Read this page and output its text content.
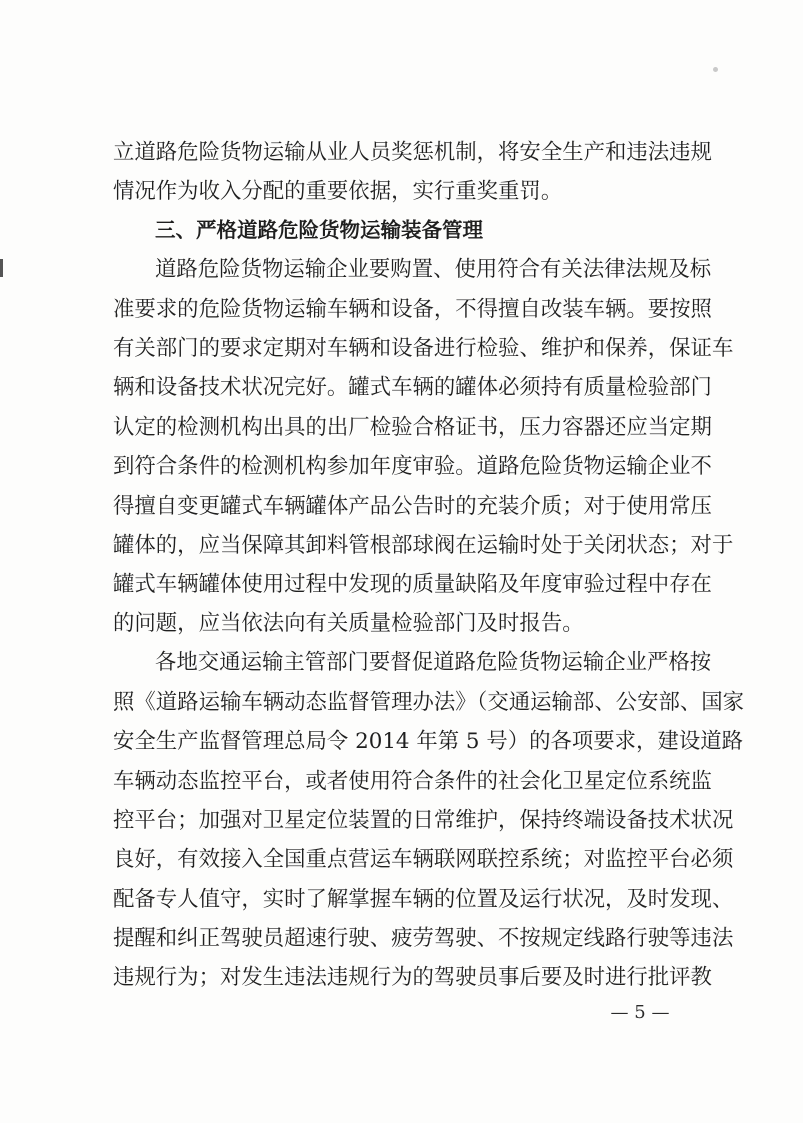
立道路危险货物运输从业人员奖惩机制，将安全生产和违法违规
情况作为收入分配的重要依据，实行重奖重罚。
三、严格道路危险货物运输装备管理
道路危险货物运输企业要购置、使用符合有关法律法规及标
准要求的危险货物运输车辆和设备，不得擅自改装车辆。要按照
有关部门的要求定期对车辆和设备进行检验、维护和保养，保证车
辆和设备技术状况完好。罐式车辆的罐体必须持有质量检验部门
认定的检测机构出具的出厂检验合格证书，压力容器还应当定期
到符合条件的检测机构参加年度审验。道路危险货物运输企业不
得擅自变更罐式车辆罐体产品公告时的充装介质；对于使用常压
罐体的，应当保障其卸料管根部球阀在运输时处于关闭状态；对于
罐式车辆罐体使用过程中发现的质量缺陷及年度审验过程中存在
的问题，应当依法向有关质量检验部门及时报告。
各地交通运输主管部门要督促道路危险货物运输企业严格按
照《道路运输车辆动态监督管理办法》（交通运输部、公安部、国家
安全生产监督管理总局令 2014 年第 5 号）的各项要求，建设道路
车辆动态监控平台，或者使用符合条件的社会化卫星定位系统监
控平台；加强对卫星定位装置的日常维护，保持终端设备技术状况
良好，有效接入全国重点营运车辆联网联控系统；对监控平台必须
配备专人值守，实时了解掌握车辆的位置及运行状况，及时发现、
提醒和纠正驾驶员超速行驶、疲劳驾驶、不按规定线路行驶等违法
违规行为；对发生违法违规行为的驾驶员事后要及时进行批评教
— 5 —
